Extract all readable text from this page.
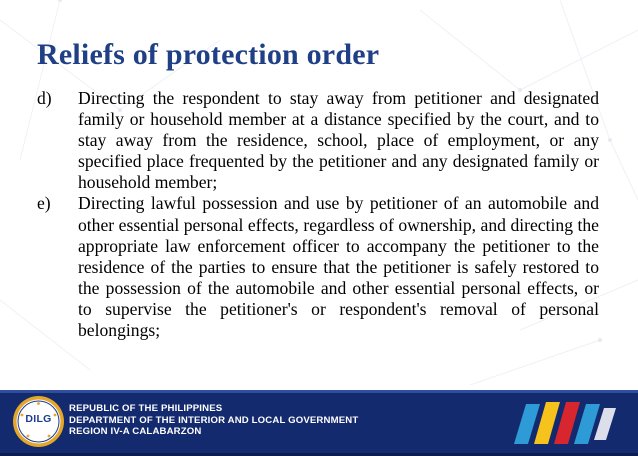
Reliefs of protection order
d)	Directing the respondent to stay away from petitioner and designated family or household member at a distance specified by the court, and to stay away from the residence, school, place of employment, or any specified place frequented by the petitioner and any designated family or household member;
e)	Directing lawful possession and use by petitioner of an automobile and other essential personal effects, regardless of ownership, and directing the appropriate law enforcement officer to accompany the petitioner to the residence of the parties to ensure that the petitioner is safely restored to the possession of the automobile and other essential personal effects, or to supervise the petitioner's or respondent's removal of personal belongings;
DILG
REPUBLIC OF THE PHILIPPINES
DEPARTMENT OF THE INTERIOR AND LOCAL GOVERNMENT
REGION IV-A CALABARZON
